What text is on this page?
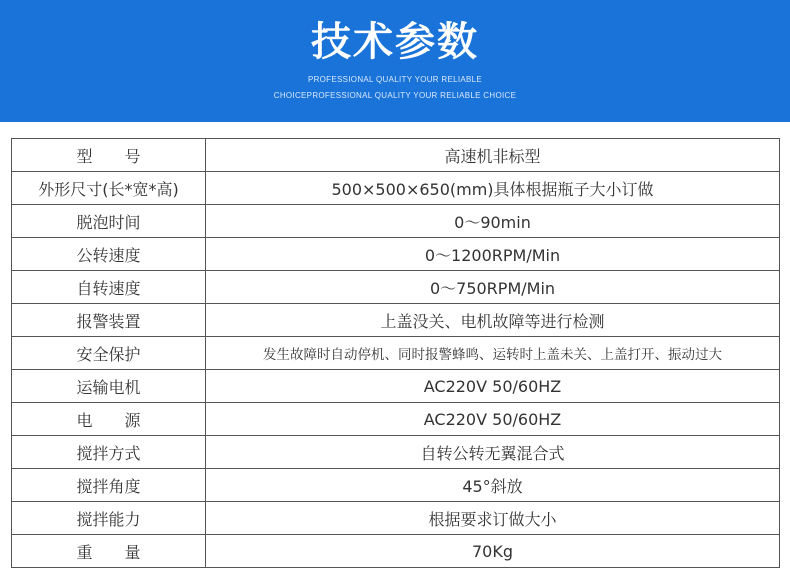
技术参数
PROFESSIONAL QUALITY YOUR RELIABLE
CHOICEPROFESSIONAL QUALITY YOUR RELIABLE CHOICE
型　　号	高速机非标型
外形尺寸(长*宽*高)	500×500×650(mm)具体根据瓶子大小订做
脱泡时间	0～90min
公转速度	0～1200RPM/Min
自转速度	0～750RPM/Min
报警装置	上盖没关、电机故障等进行检测
安全保护	发生故障时自动停机、同时报警蜂鸣、运转时上盖未关、上盖打开、振动过大
运输电机	AC220V 50/60HZ
电　　源	AC220V 50/60HZ
搅拌方式	自转公转无翼混合式
搅拌角度	45°斜放
搅拌能力	根据要求订做大小
重　　量	70Kg
